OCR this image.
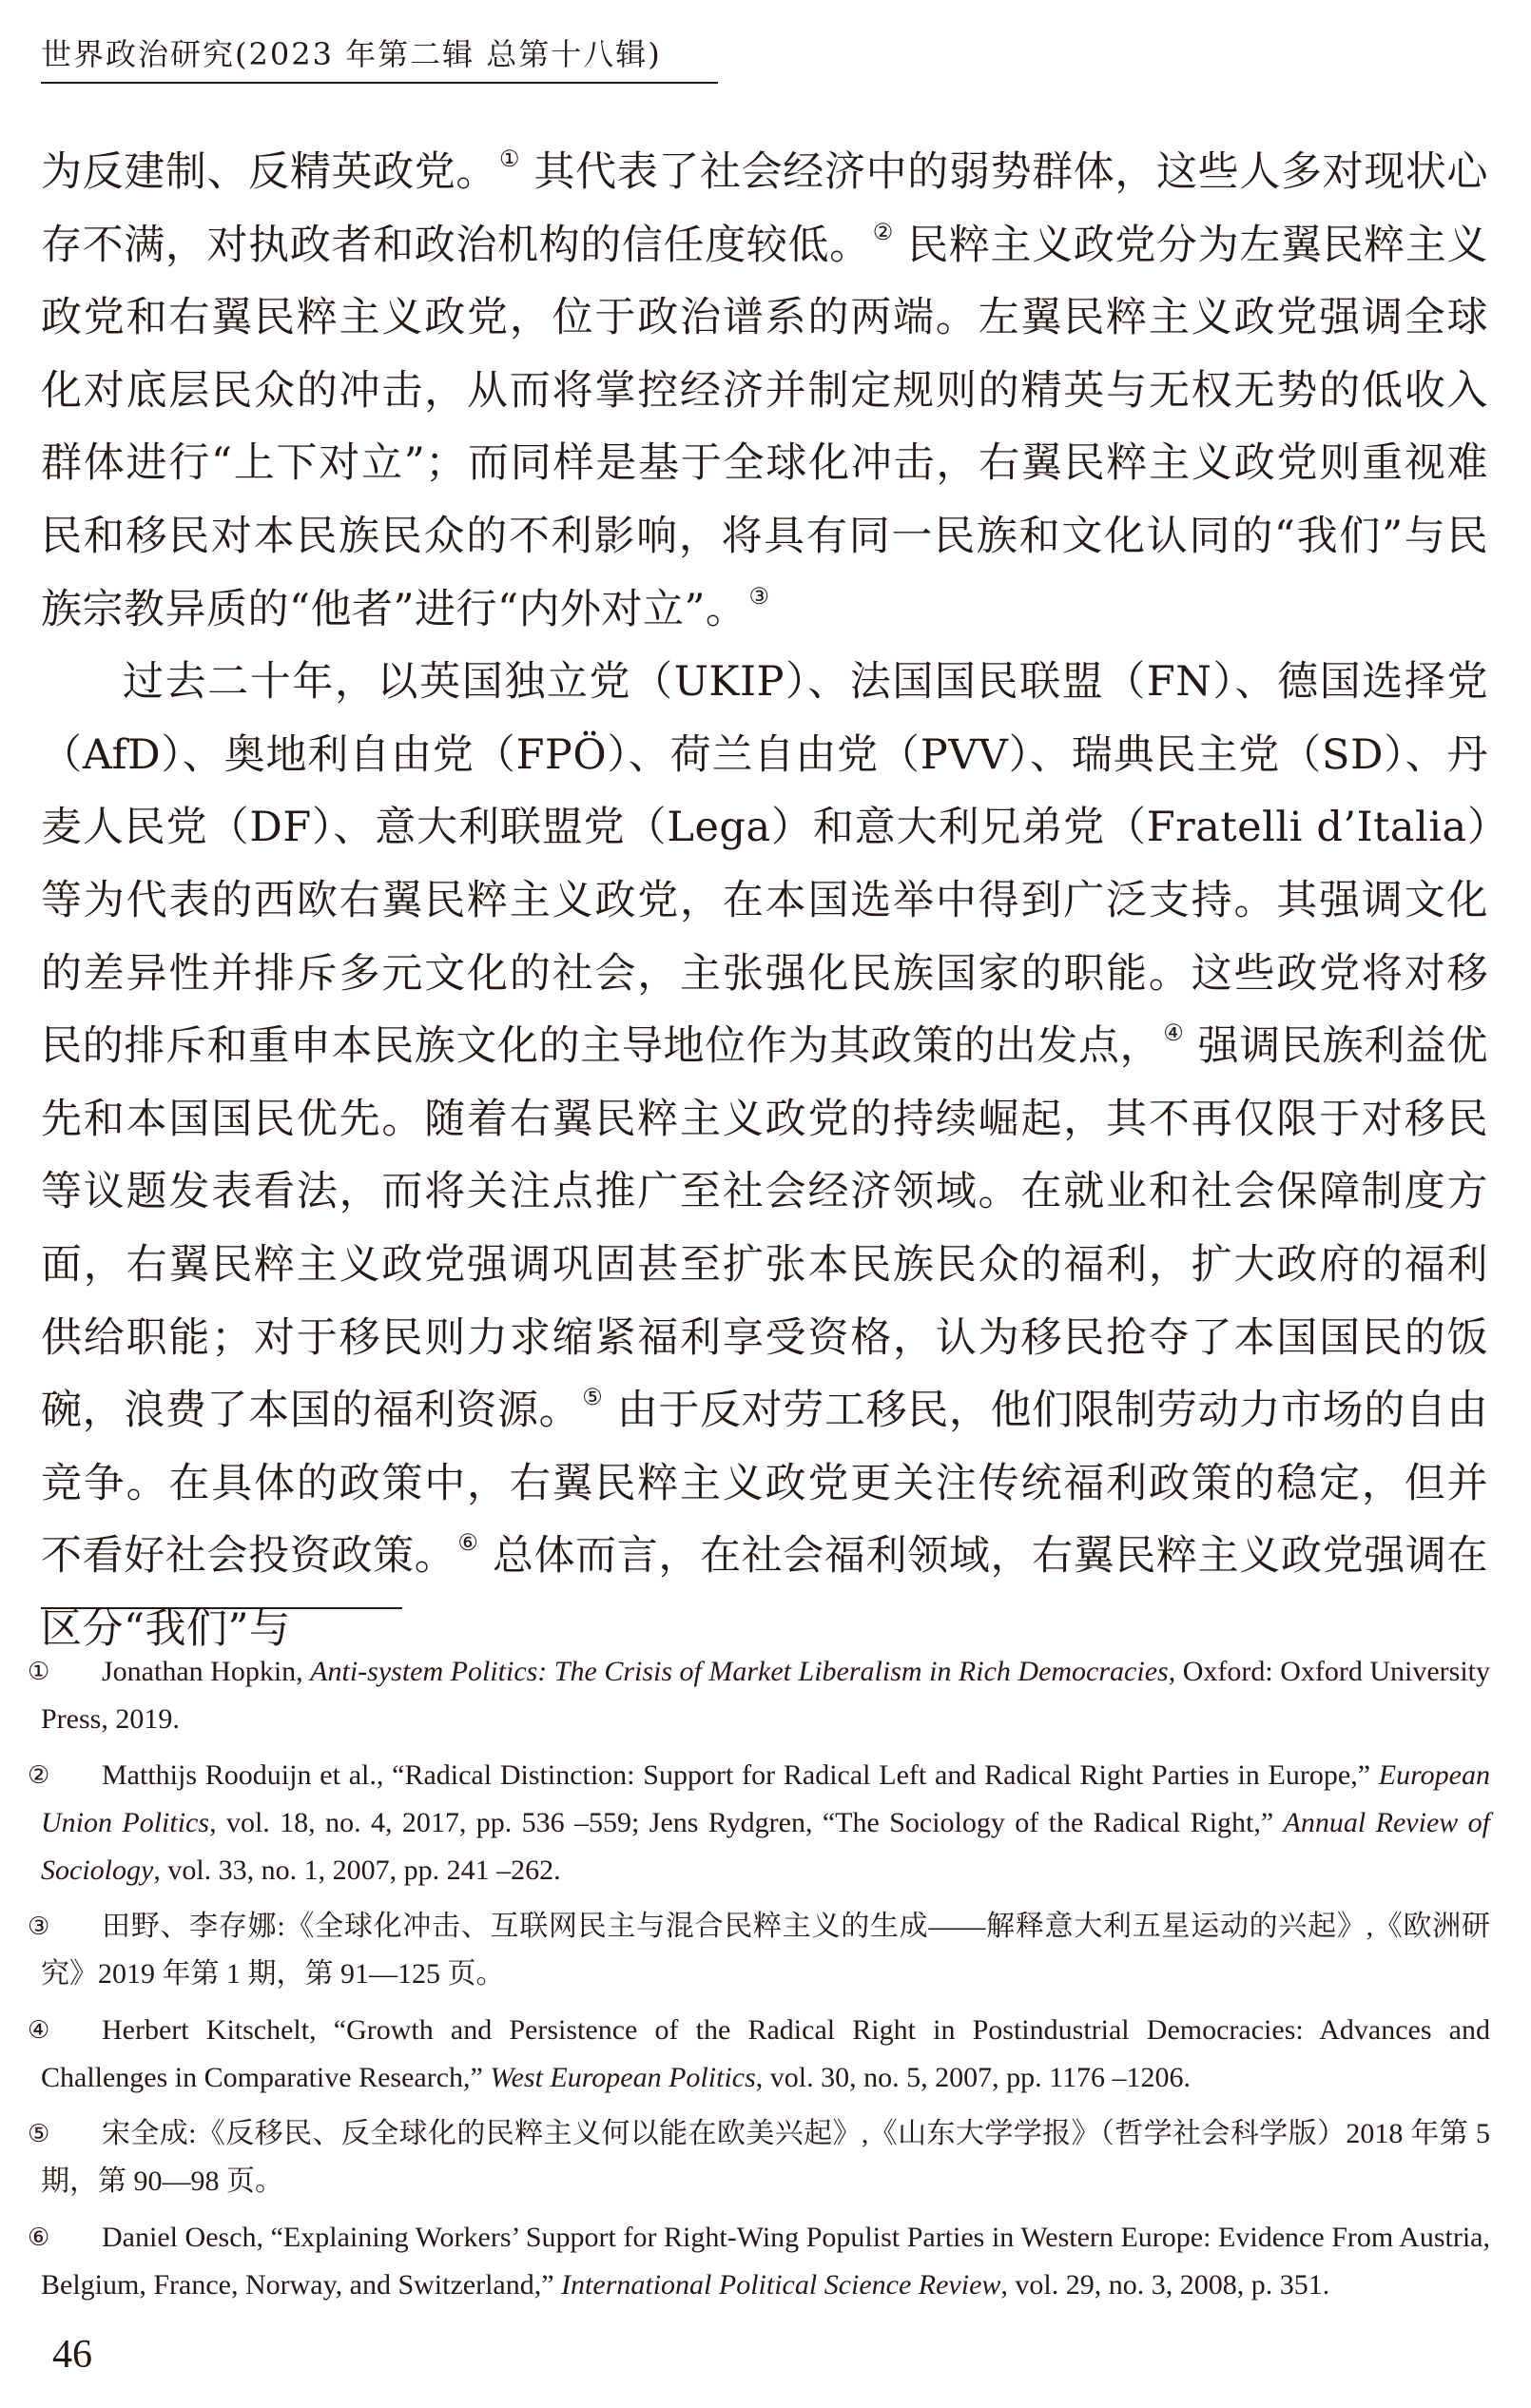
世界政治研究(2023 年第二辑 总第十八辑)

为反建制、反精英政党。① 其代表了社会经济中的弱势群体，这些人多对现状心存不满，对执政者和政治机构的信任度较低。② 民粹主义政党分为左翼民粹主义政党和右翼民粹主义政党，位于政治谱系的两端。左翼民粹主义政党强调全球化对底层民众的冲击，从而将掌控经济并制定规则的精英与无权无势的低收入群体进行“上下对立”；而同样是基于全球化冲击，右翼民粹主义政党则重视难民和移民对本民族民众的不利影响，将具有同一民族和文化认同的“我们”与民族宗教异质的“他者”进行“内外对立”。③

过去二十年，以英国独立党（UKIP）、法国国民联盟（FN）、德国选择党（AfD）、奥地利自由党（FPÖ）、荷兰自由党（PVV）、瑞典民主党（SD）、丹麦人民党（DF）、意大利联盟党（Lega）和意大利兄弟党（Fratelli d’Italia）等为代表的西欧右翼民粹主义政党，在本国选举中得到广泛支持。其强调文化的差异性并排斥多元文化的社会，主张强化民族国家的职能。这些政党将对移民的排斥和重申本民族文化的主导地位作为其政策的出发点，④ 强调民族利益优先和本国国民优先。随着右翼民粹主义政党的持续崛起，其不再仅限于对移民等议题发表看法，而将关注点推广至社会经济领域。在就业和社会保障制度方面，右翼民粹主义政党强调巩固甚至扩张本民族民众的福利，扩大政府的福利供给职能；对于移民则力求缩紧福利享受资格，认为移民抢夺了本国国民的饭碗，浪费了本国的福利资源。⑤ 由于反对劳工移民，他们限制劳动力市场的自由竞争。在具体的政策中，右翼民粹主义政党更关注传统福利政策的稳定，但并不看好社会投资政策。⑥ 总体而言，在社会福利领域，右翼民粹主义政党强调在区分“我们”与

①	Jonathan Hopkin, Anti-system Politics: The Crisis of Market Liberalism in Rich Democracies, Oxford: Oxford University Press, 2019.
②	Matthijs Rooduijn et al., “Radical Distinction: Support for Radical Left and Radical Right Parties in Europe,” European Union Politics, vol. 18, no. 4, 2017, pp. 536 –559; Jens Rydgren, “The Sociology of the Radical Right,” Annual Review of Sociology, vol. 33, no. 1, 2007, pp. 241 –262.
③	田野、李存娜:《全球化冲击、互联网民主与混合民粹主义的生成——解释意大利五星运动的兴起》,《欧洲研究》2019 年第 1 期，第 91—125 页。
④	Herbert Kitschelt, “Growth and Persistence of the Radical Right in Postindustrial Democracies: Advances and Challenges in Comparative Research,” West European Politics, vol. 30, no. 5, 2007, pp. 1176 –1206.
⑤	宋全成:《反移民、反全球化的民粹主义何以能在欧美兴起》,《山东大学学报》（哲学社会科学版）2018 年第 5 期，第 90—98 页。
⑥	Daniel Oesch, “Explaining Workers’ Support for Right-Wing Populist Parties in Western Europe: Evidence From Austria, Belgium, France, Norway, and Switzerland,” International Political Science Review, vol. 29, no. 3, 2008, p. 351.
46
